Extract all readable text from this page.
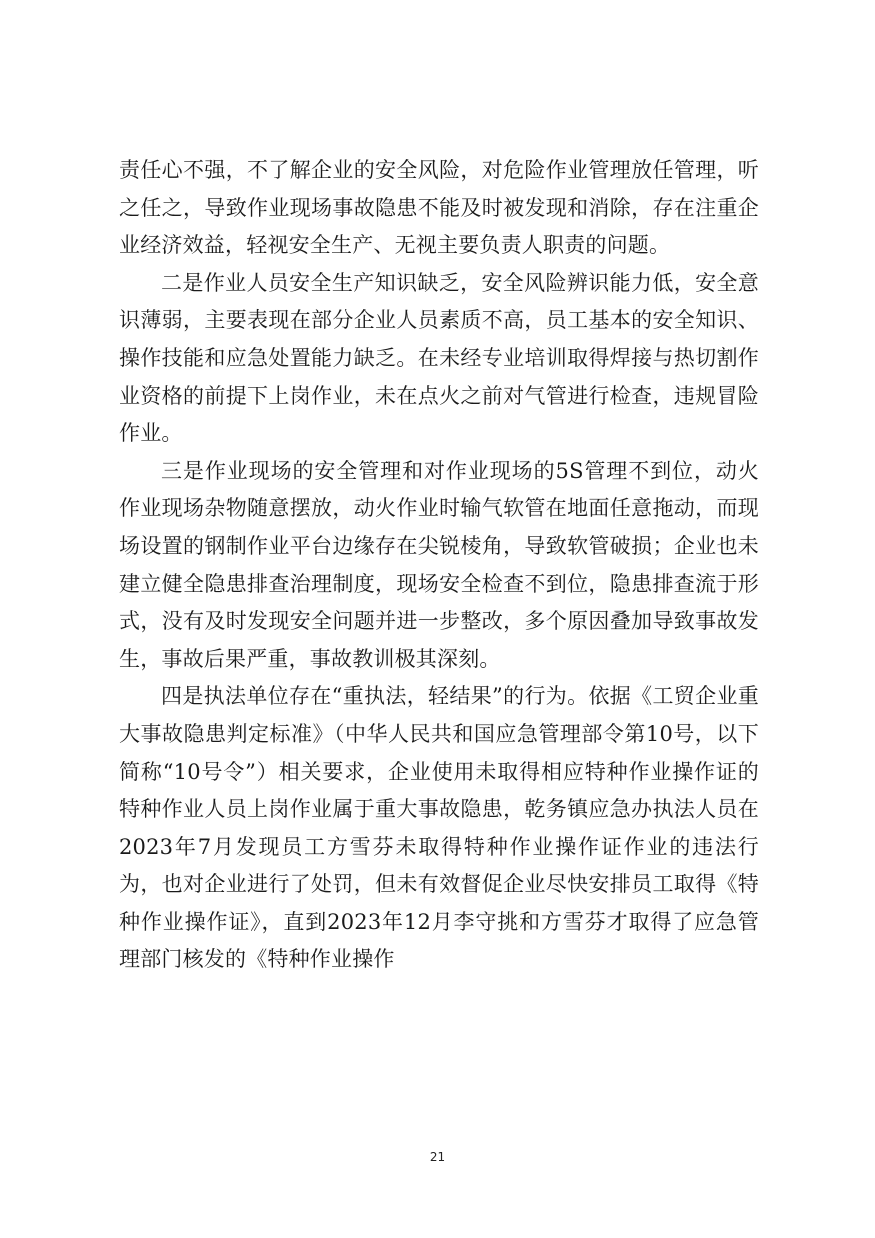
责任心不强，不了解企业的安全风险，对危险作业管理放任管理，听之任之，导致作业现场事故隐患不能及时被发现和消除，存在注重企业经济效益，轻视安全生产、无视主要负责人职责的问题。

二是作业人员安全生产知识缺乏，安全风险辨识能力低，安全意识薄弱，主要表现在部分企业人员素质不高，员工基本的安全知识、操作技能和应急处置能力缺乏。在未经专业培训取得焊接与热切割作业资格的前提下上岗作业，未在点火之前对气管进行检查，违规冒险作业。

三是作业现场的安全管理和对作业现场的5S管理不到位，动火作业现场杂物随意摆放，动火作业时输气软管在地面任意拖动，而现场设置的钢制作业平台边缘存在尖锐棱角，导致软管破损；企业也未建立健全隐患排查治理制度，现场安全检查不到位，隐患排查流于形式，没有及时发现安全问题并进一步整改，多个原因叠加导致事故发生，事故后果严重，事故教训极其深刻。

四是执法单位存在“重执法，轻结果”的行为。依据《工贸企业重大事故隐患判定标准》（中华人民共和国应急管理部令第10号，以下简称“10号令”）相关要求，企业使用未取得相应特种作业操作证的特种作业人员上岗作业属于重大事故隐患，乾务镇应急办执法人员在2023年7月发现员工方雪芬未取得特种作业操作证作业的违法行为，也对企业进行了处罚，但未有效督促企业尽快安排员工取得《特种作业操作证》，直到2023年12月李守挑和方雪芬才取得了应急管理部门核发的《特种作业操作

21
